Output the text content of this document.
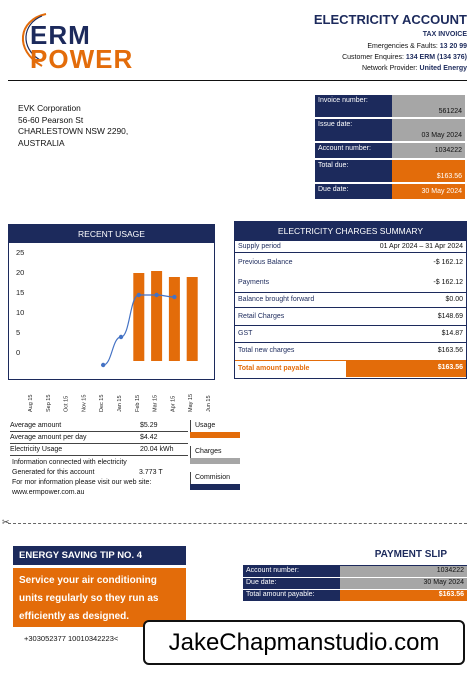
ERM
POWER
ELECTRICITY ACCOUNT
TAX INVOICE
Emergencies & Faults: 13 20 99
Customer Enquires: 134 ERM (134 376)
Network Provider: United Energy
EVK Corporation
56-60 Pearson St
CHARLESTOWN NSW 2290,
AUSTRALIA
Invoice number:
561224
Issue date:
03 May 2024
Account number:	1034222
Total due:
$163.56
Due date:	30 May 2024
RECENT USAGE
0
5
10
15
20
25
Aug 15 Sep 15 Oct 15 Nov 15 Dec 15 Jan 15 Feb 15 Mar 15 Apr 15 May 15 Jun 15
ELECTRICITY CHARGES SUMMARY
Supply period	01 Apr 2024 – 31 Apr 2024
Previous Balance	-$ 162.12
Payments	-$ 162.12
Balance brought forward	$0.00
Retail Charges	$148.69
GST	$14.87
Total new charges	$163.56
Total amount payable	$163.56
Average amount	$5.29
Average amount per day	$4.42
Electricity Usage	20.04 kWh
Information connected with electricity
Generated for this account	3.773 T
For mor information please visit our web site:
www.ermpower.com.au
Usage
Charges
Commision
✂
ENERGY SAVING TIP NO. 4
Service your air conditioning units regularly so they run as efficiently as designed.
PAYMENT SLIP
Account number:	1034222
Due date:	30 May 2024
Total amount payable:	$163.56
+303052377 10010342223<	JakeChapmanstudio.com
